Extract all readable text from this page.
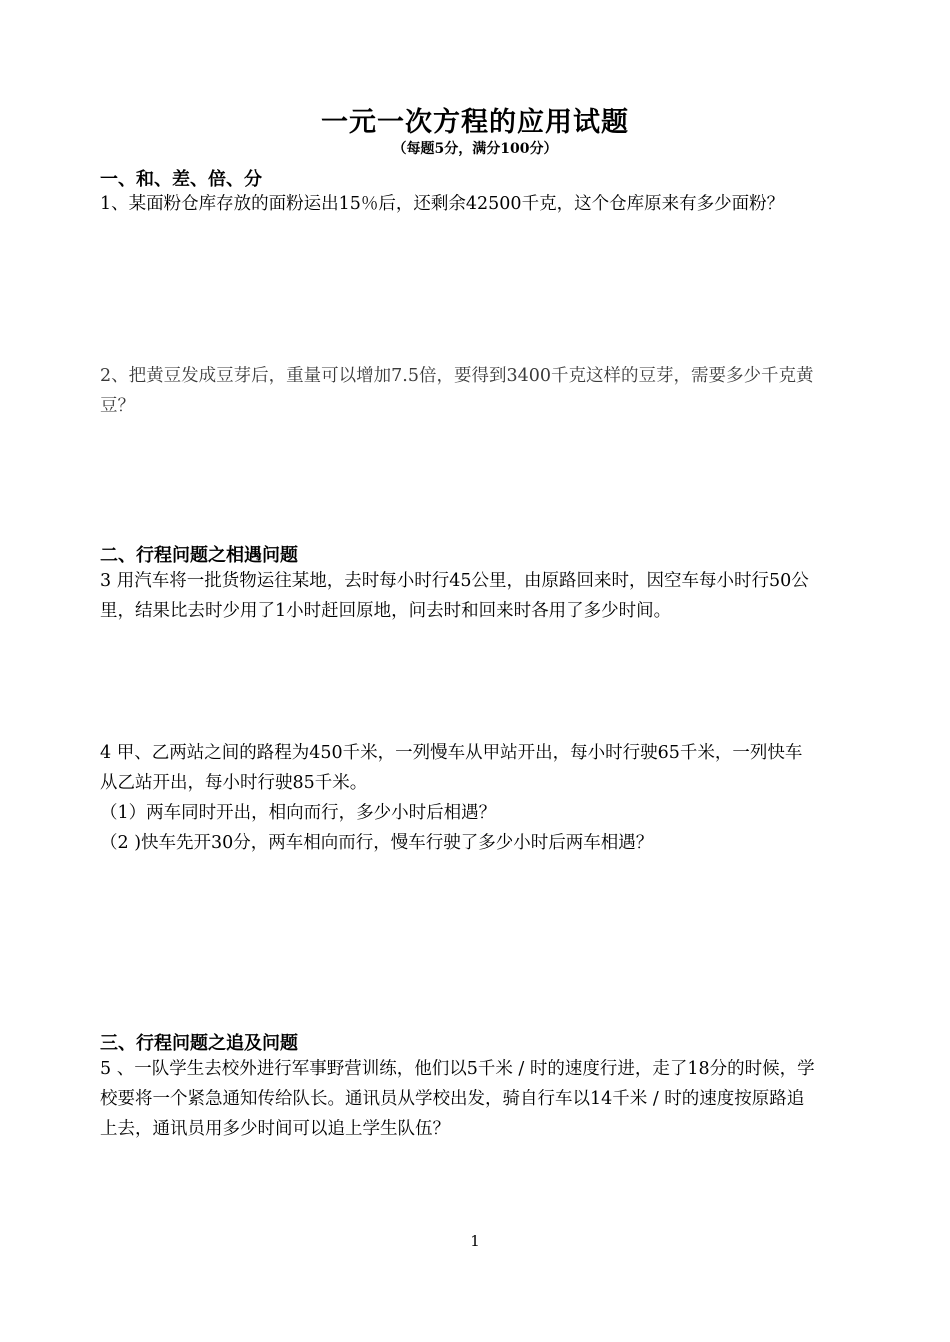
一元一次方程的应用试题
（每题5分，满分100分）
一、和、差、倍、分
1、某面粉仓库存放的面粉运出15％后，还剩余42500千克，这个仓库原来有多少面粉？
2、把黄豆发成豆芽后，重量可以增加7.5倍，要得到3400千克这样的豆芽，需要多少千克黄
豆？
二、行程问题之相遇问题
3 用汽车将一批货物运往某地，去时每小时行45公里，由原路回来时，因空车每小时行50公
里，结果比去时少用了1小时赶回原地，问去时和回来时各用了多少时间。
4 甲、乙两站之间的路程为450千米，一列慢车从甲站开出，每小时行驶65千米，一列快车
从乙站开出，每小时行驶85千米。
（1）两车同时开出，相向而行，多少小时后相遇？
（2 )快车先开30分，两车相向而行，慢车行驶了多少小时后两车相遇？
三、行程问题之追及问题
5 、一队学生去校外进行军事野营训练，他们以5千米 / 时的速度行进，走了18分的时候，学
校要将一个紧急通知传给队长。通讯员从学校出发，骑自行车以14千米 / 时的速度按原路追
上去，通讯员用多少时间可以追上学生队伍？
1
